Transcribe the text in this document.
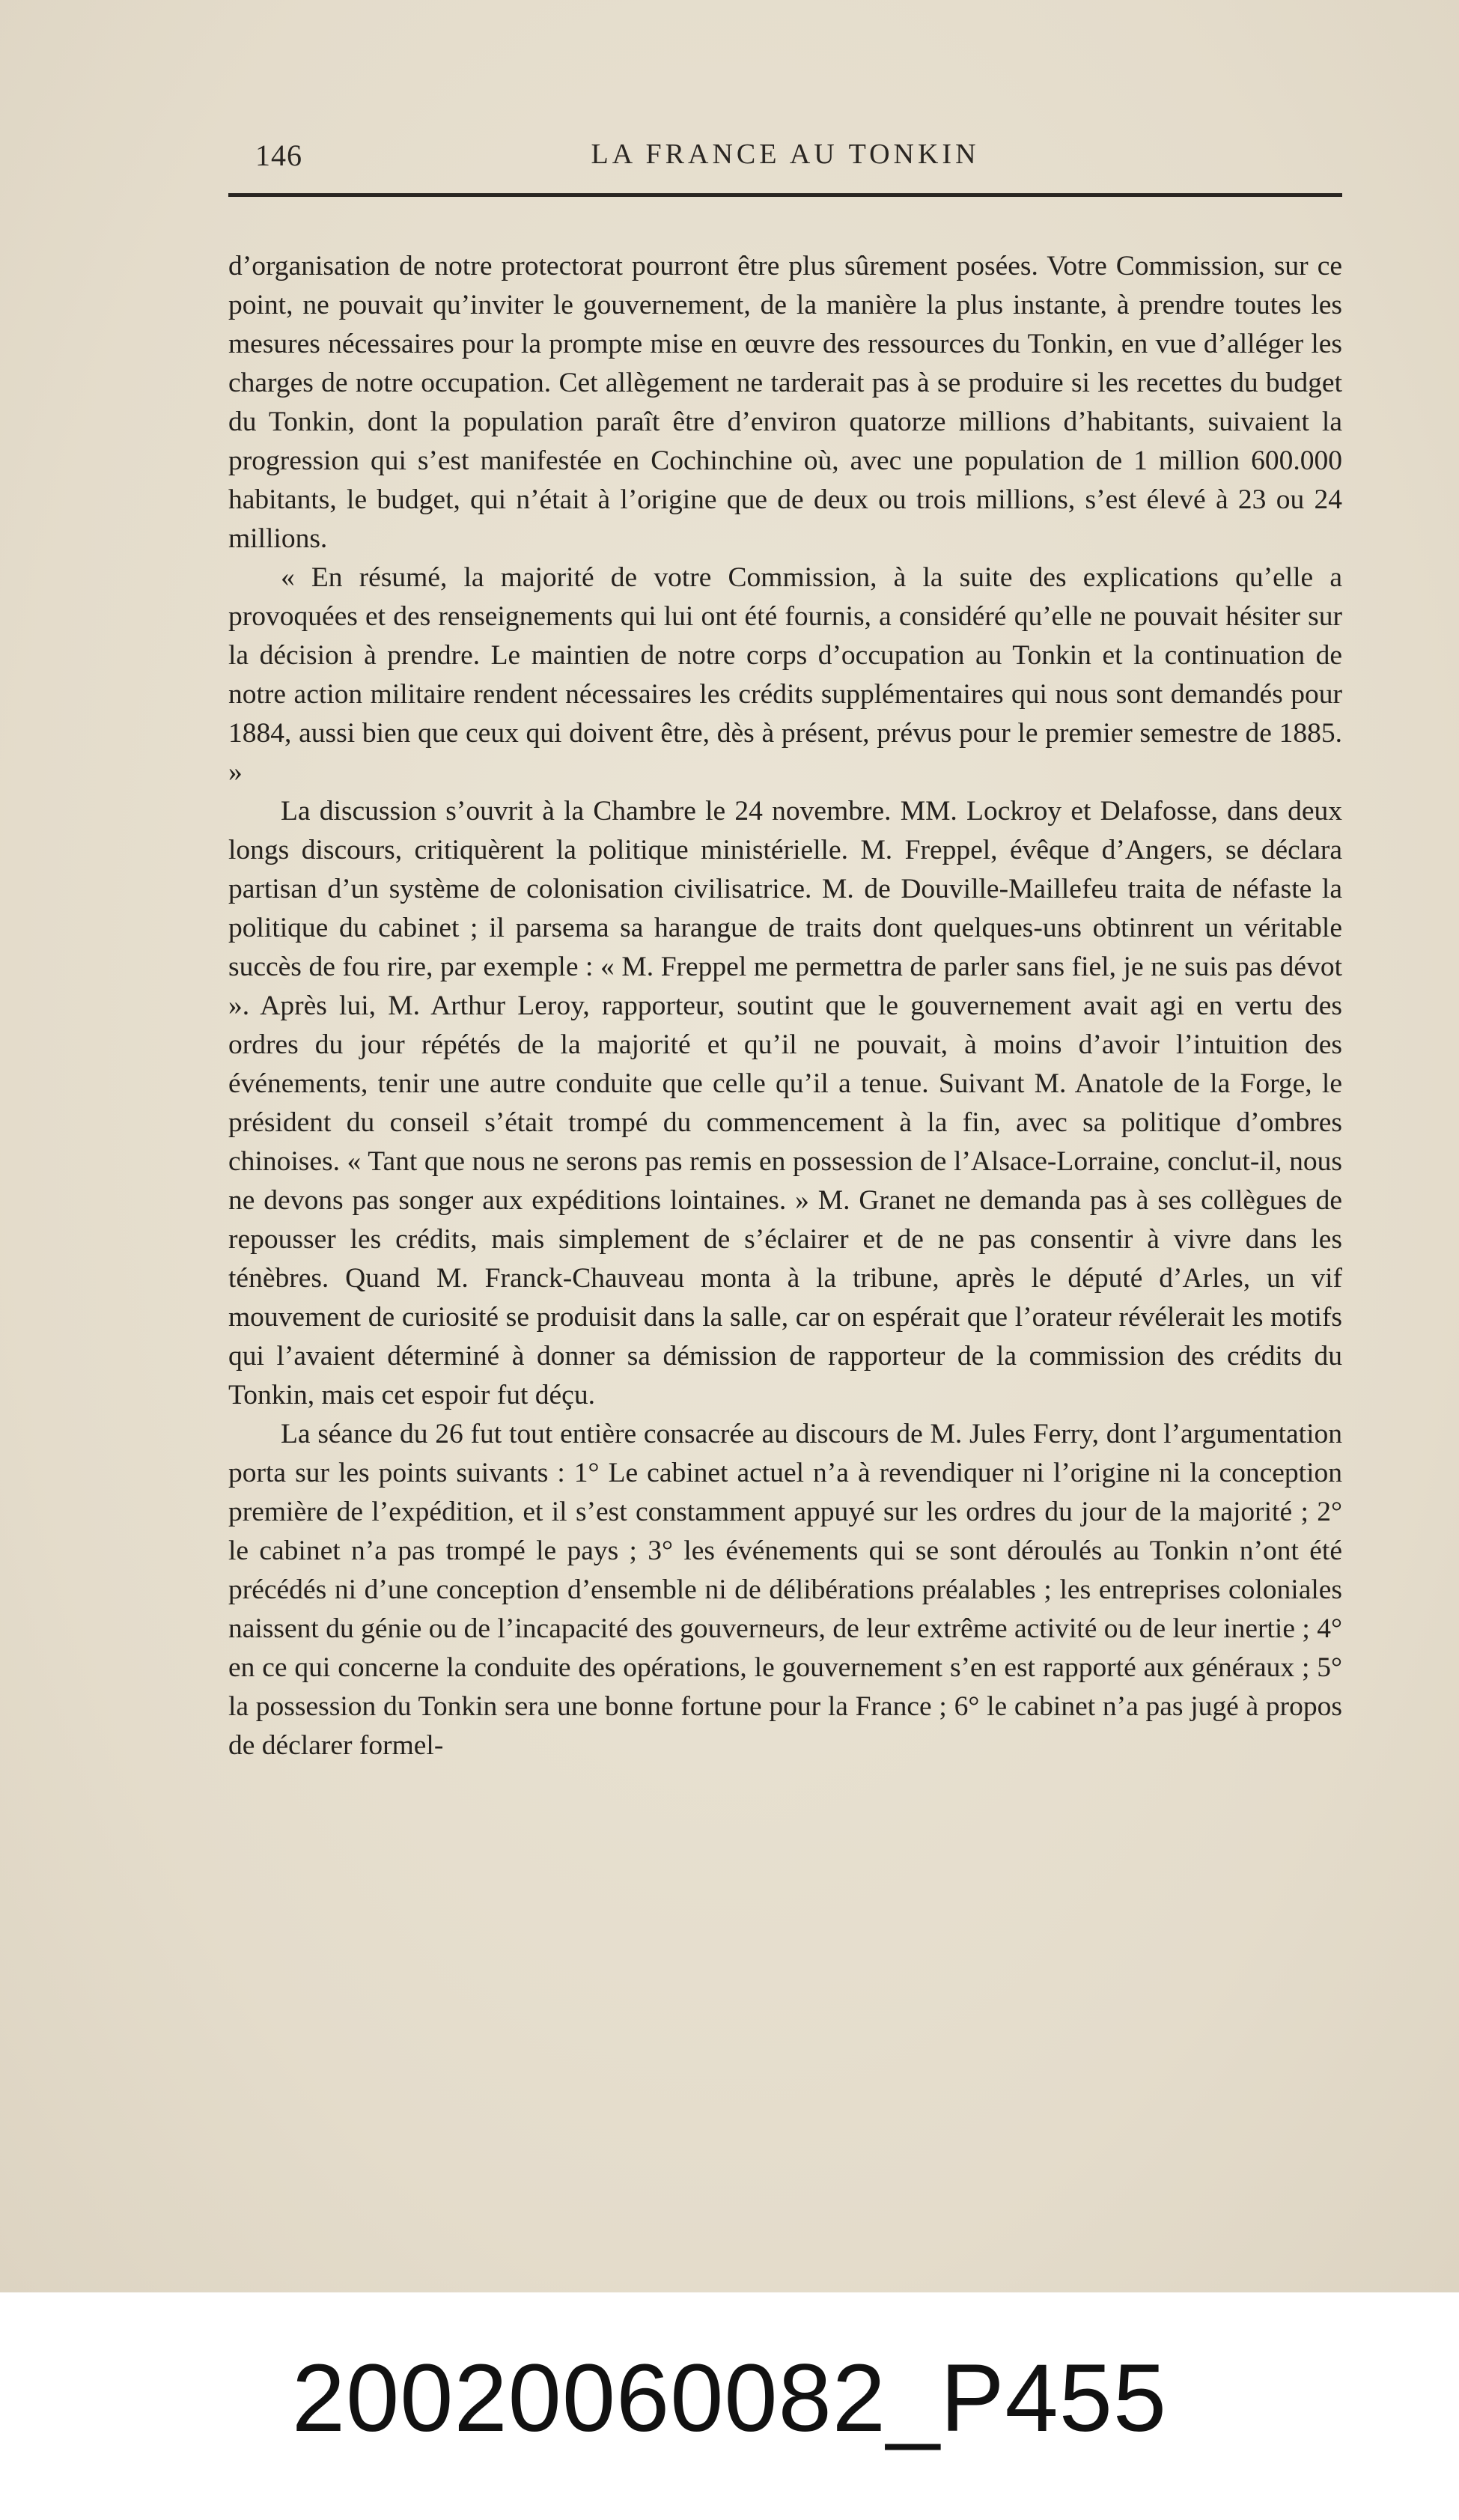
146	LA FRANCE AU TONKIN

d’organisation de notre protectorat pourront être plus sûrement posées. Votre Commission, sur ce point, ne pouvait qu’inviter le gouvernement, de la manière la plus instante, à prendre toutes les mesures nécessaires pour la prompte mise en œuvre des ressources du Tonkin, en vue d’alléger les charges de notre occupation. Cet allègement ne tarderait pas à se produire si les recettes du budget du Tonkin, dont la population paraît être d’environ quatorze millions d’habitants, suivaient la progression qui s’est manifestée en Cochinchine où, avec une population de 1 million 600.000 habitants, le budget, qui n’était à l’origine que de deux ou trois millions, s’est élevé à 23 ou 24 millions.

« En résumé, la majorité de votre Commission, à la suite des explications qu’elle a provoquées et des renseignements qui lui ont été fournis, a considéré qu’elle ne pouvait hésiter sur la décision à prendre. Le maintien de notre corps d’occupation au Tonkin et la continuation de notre action militaire rendent nécessaires les crédits supplémentaires qui nous sont demandés pour 1884, aussi bien que ceux qui doivent être, dès à présent, prévus pour le premier semestre de 1885. »

La discussion s’ouvrit à la Chambre le 24 novembre. MM. Lockroy et Delafosse, dans deux longs discours, critiquèrent la politique ministérielle. M. Freppel, évêque d’Angers, se déclara partisan d’un système de colonisation civilisatrice. M. de Douville-Maillefeu traita de néfaste la politique du cabinet ; il parsema sa harangue de traits dont quelques-uns obtinrent un véritable succès de fou rire, par exemple : « M. Freppel me permettra de parler sans fiel, je ne suis pas dévot ». Après lui, M. Arthur Leroy, rapporteur, soutint que le gouvernement avait agi en vertu des ordres du jour répétés de la majorité et qu’il ne pouvait, à moins d’avoir l’intuition des événements, tenir une autre conduite que celle qu’il a tenue. Suivant M. Anatole de la Forge, le président du conseil s’était trompé du commencement à la fin, avec sa politique d’ombres chinoises. « Tant que nous ne serons pas remis en possession de l’Alsace-Lorraine, conclut-il, nous ne devons pas songer aux expéditions lointaines. » M. Granet ne demanda pas à ses collègues de repousser les crédits, mais simplement de s’éclairer et de ne pas consentir à vivre dans les ténèbres. Quand M. Franck-Chauveau monta à la tribune, après le député d’Arles, un vif mouvement de curiosité se produisit dans la salle, car on espérait que l’orateur révélerait les motifs qui l’avaient déterminé à donner sa démission de rapporteur de la commission des crédits du Tonkin, mais cet espoir fut déçu.

La séance du 26 fut tout entière consacrée au discours de M. Jules Ferry, dont l’argumentation porta sur les points suivants : 1° Le cabinet actuel n’a à revendiquer ni l’origine ni la conception première de l’expédition, et il s’est constamment appuyé sur les ordres du jour de la majorité ; 2° le cabinet n’a pas trompé le pays ; 3° les événements qui se sont déroulés au Tonkin n’ont été précédés ni d’une conception d’ensemble ni de délibérations préalables ; les entreprises coloniales naissent du génie ou de l’incapacité des gouverneurs, de leur extrême activité ou de leur inertie ; 4° en ce qui concerne la conduite des opérations, le gouvernement s’en est rapporté aux généraux ; 5° la possession du Tonkin sera une bonne fortune pour la France ; 6° le cabinet n’a pas jugé à propos de déclarer formel-

20020060082_P455
